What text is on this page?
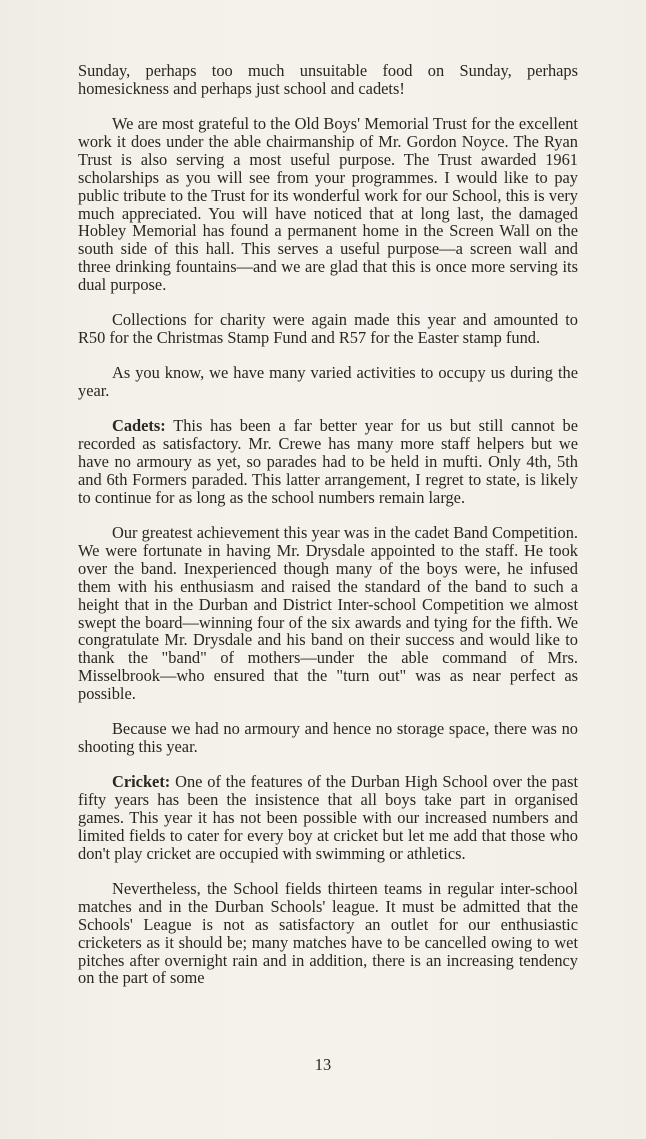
Sunday, perhaps too much unsuitable food on Sunday, perhaps homesickness and perhaps just school and cadets!

We are most grateful to the Old Boys' Memorial Trust for the excellent work it does under the able chairmanship of Mr. Gordon Noyce. The Ryan Trust is also serving a most useful purpose. The Trust awarded 1961 scholarships as you will see from your programmes. I would like to pay public tribute to the Trust for its wonderful work for our School, this is very much appreciated. You will have noticed that at long last, the damaged Hobley Memorial has found a permanent home in the Screen Wall on the south side of this hall. This serves a useful purpose—a screen wall and three drinking fountains—and we are glad that this is once more serving its dual purpose.

Collections for charity were again made this year and amounted to R50 for the Christmas Stamp Fund and R57 for the Easter stamp fund.

As you know, we have many varied activities to occupy us during the year.

Cadets: This has been a far better year for us but still cannot be recorded as satisfactory. Mr. Crewe has many more staff helpers but we have no armoury as yet, so parades had to be held in mufti. Only 4th, 5th and 6th Formers paraded. This latter arrangement, I regret to state, is likely to continue for as long as the school numbers remain large.

Our greatest achievement this year was in the cadet Band Competition. We were fortunate in having Mr. Drysdale appointed to the staff. He took over the band. Inexperienced though many of the boys were, he infused them with his enthusiasm and raised the standard of the band to such a height that in the Durban and District Inter-school Competition we almost swept the board—winning four of the six awards and tying for the fifth. We congratulate Mr. Drysdale and his band on their success and would like to thank the "band" of mothers—under the able command of Mrs. Misselbrook—who ensured that the "turn out" was as near perfect as possible.

Because we had no armoury and hence no storage space, there was no shooting this year.

Cricket: One of the features of the Durban High School over the past fifty years has been the insistence that all boys take part in organised games. This year it has not been possible with our increased numbers and limited fields to cater for every boy at cricket but let me add that those who don't play cricket are occupied with swimming or athletics.

Nevertheless, the School fields thirteen teams in regular inter-school matches and in the Durban Schools' league. It must be admitted that the Schools' League is not as satisfactory an outlet for our enthusiastic cricketers as it should be; many matches have to be cancelled owing to wet pitches after overnight rain and in addition, there is an increasing tendency on the part of some

13
